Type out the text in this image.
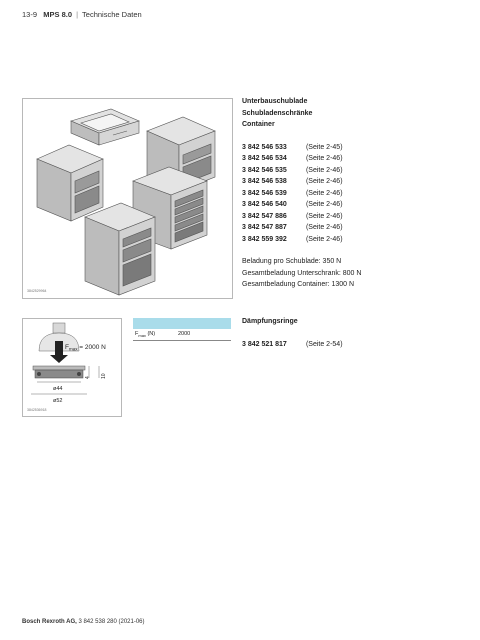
13-9 MPS 8.0 | Technische Daten
3842529964
Unterbauschublade
Schubladenschränke
Container
3 842 546 533	(Seite 2-45)
3 842 546 534	(Seite 2-46)
3 842 546 535	(Seite 2-46)
3 842 546 538	(Seite 2-46)
3 842 546 539	(Seite 2-46)
3 842 546 540	(Seite 2-46)
3 842 547 886	(Seite 2-46)
3 842 547 887	(Seite 2-46)
3 842 559 392	(Seite 2-46)
Beladung pro Schublade: 350 N
Gesamtbeladung Unterschrank: 800 N
Gesamtbeladung Container: 1300 N
$F_{max} = 2000$ N
ø44
ø52
4 10
3842536918
$F_{max}$ (N)	2000
Dämpfungsringe
3 842 521 817	(Seite 2-54)
Bosch Rexroth AG, 3 842 538 280 (2021-06)
